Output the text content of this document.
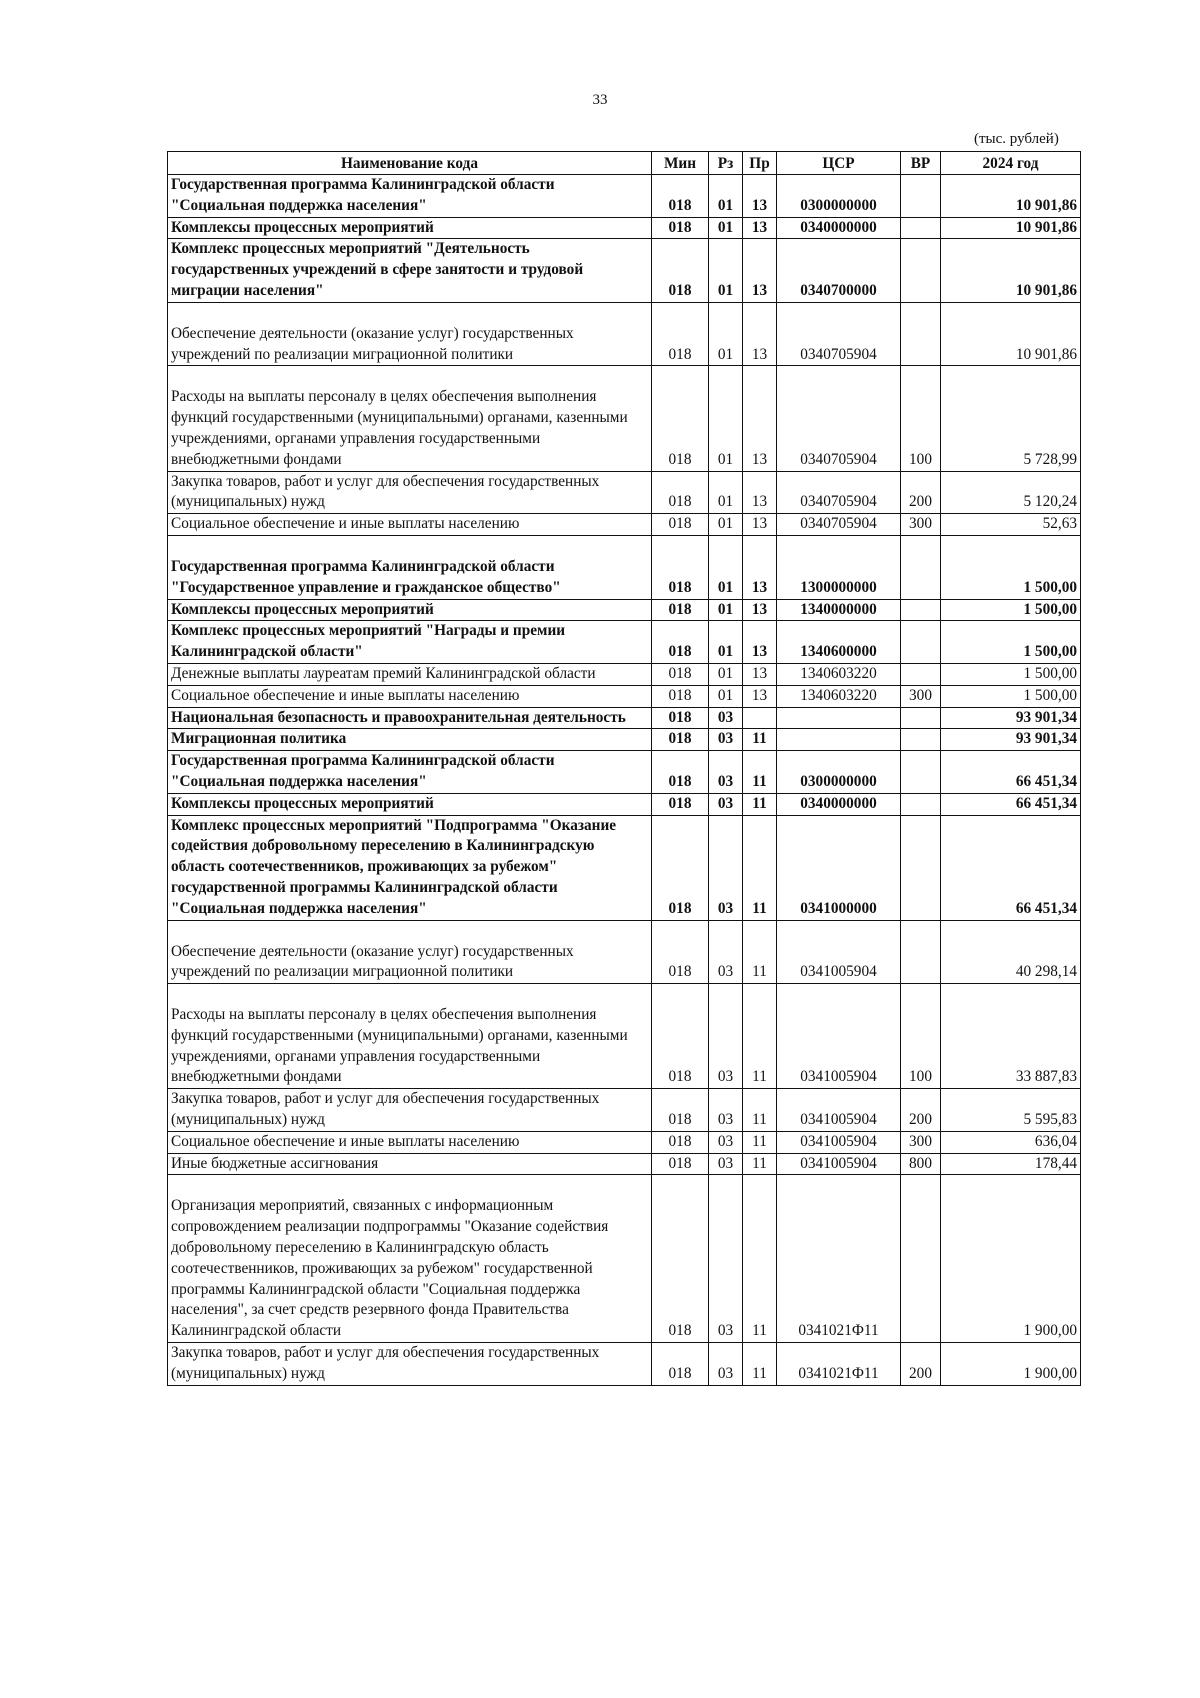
33
(тыс. рублей)
Наименование кода	Мин	Рз	Пр	ЦСР	ВР	2024 год
Государственная программа Калининградской области "Социальная поддержка населения"	018	01	13	0300000000		10 901,86
Комплексы процессных мероприятий	018	01	13	0340000000		10 901,86
Комплекс процессных мероприятий "Деятельность государственных учреждений в сфере занятости и трудовой миграции населения"	018	01	13	0340700000		10 901,86
Обеспечение деятельности (оказание услуг) государственных учреждений по реализации миграционной политики	018	01	13	0340705904		10 901,86
Расходы на выплаты персоналу в целях обеспечения выполнения функций государственными (муниципальными) органами, казенными учреждениями, органами управления государственными внебюджетными фондами	018	01	13	0340705904	100	5 728,99
Закупка товаров, работ и услуг для обеспечения государственных (муниципальных) нужд	018	01	13	0340705904	200	5 120,24
Социальное обеспечение и иные выплаты населению	018	01	13	0340705904	300	52,63
Государственная программа Калининградской области "Государственное управление и гражданское общество"	018	01	13	1300000000		1 500,00
Комплексы процессных мероприятий	018	01	13	1340000000		1 500,00
Комплекс процессных мероприятий "Награды и премии Калининградской области"	018	01	13	1340600000		1 500,00
Денежные выплаты лауреатам премий Калининградской области	018	01	13	1340603220		1 500,00
Социальное обеспечение и иные выплаты населению	018	01	13	1340603220	300	1 500,00
Национальная безопасность и правоохранительная деятельность	018	03				93 901,34
Миграционная политика	018	03	11			93 901,34
Государственная программа Калининградской области "Социальная поддержка населения"	018	03	11	0300000000		66 451,34
Комплексы процессных мероприятий	018	03	11	0340000000		66 451,34
Комплекс процессных мероприятий "Подпрограмма "Оказание содействия добровольному переселению в Калининградскую область соотечественников, проживающих за рубежом" государственной программы Калининградской области "Социальная поддержка населения"	018	03	11	0341000000		66 451,34
Обеспечение деятельности (оказание услуг) государственных учреждений по реализации миграционной политики	018	03	11	0341005904		40 298,14
Расходы на выплаты персоналу в целях обеспечения выполнения функций государственными (муниципальными) органами, казенными учреждениями, органами управления государственными внебюджетными фондами	018	03	11	0341005904	100	33 887,83
Закупка товаров, работ и услуг для обеспечения государственных (муниципальных) нужд	018	03	11	0341005904	200	5 595,83
Социальное обеспечение и иные выплаты населению	018	03	11	0341005904	300	636,04
Иные бюджетные ассигнования	018	03	11	0341005904	800	178,44
Организация мероприятий, связанных с информационным сопровождением реализации подпрограммы "Оказание содействия добровольному переселению в Калининградскую область соотечественников, проживающих за рубежом" государственной программы Калининградской области "Социальная поддержка населения", за счет средств резервного фонда Правительства Калининградской области	018	03	11	0341021Ф11		1 900,00
Закупка товаров, работ и услуг для обеспечения государственных (муниципальных) нужд	018	03	11	0341021Ф11	200	1 900,00
